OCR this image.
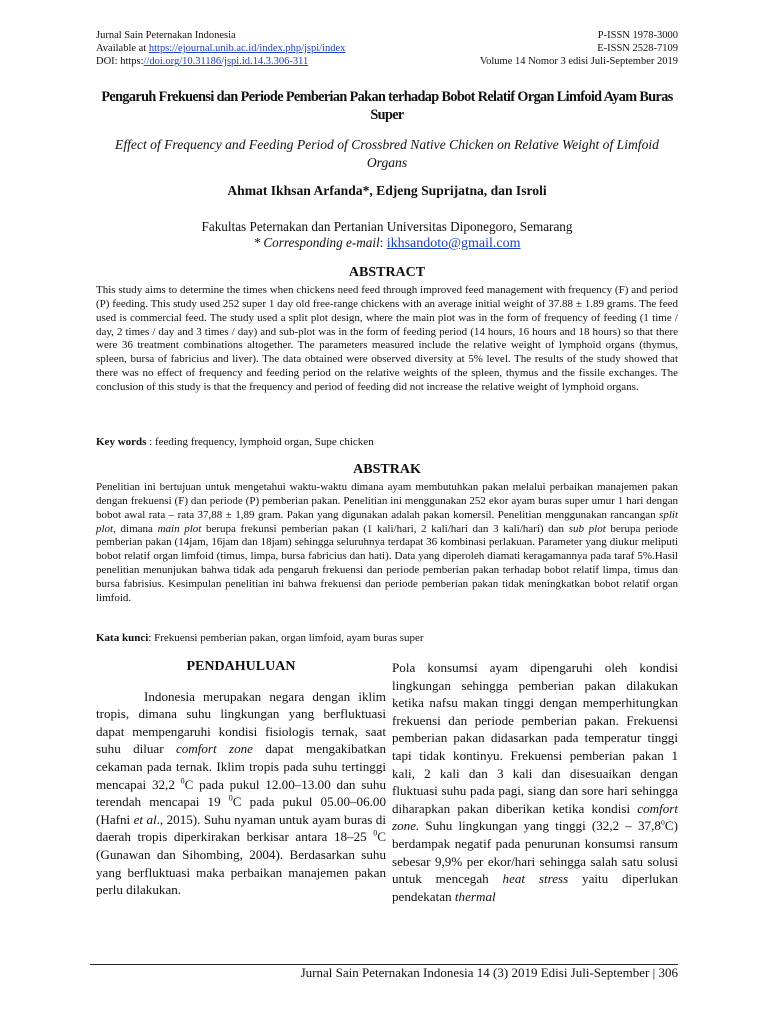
Jurnal Sain Peternakan Indonesia	P-ISSN 1978-3000
Available at https://ejournal.unib.ac.id/index.php/jspi/index	E-ISSN 2528-7109
DOI: https://doi.org/10.31186/jspi.id.14.3.306-311	Volume 14 Nomor 3 edisi Juli-September 2019
Pengaruh Frekuensi dan Periode Pemberian Pakan terhadap Bobot Relatif Organ Limfoid Ayam Buras Super
Effect of Frequency and Feeding Period of Crossbred Native Chicken on Relative Weight of Limfoid Organs
Ahmat Ikhsan Arfanda*, Edjeng Suprijatna, dan Isroli
Fakultas Peternakan dan Pertanian Universitas Diponegoro, Semarang
* Corresponding e-mail: ikhsandoto@gmail.com
ABSTRACT
This study aims to determine the times when chickens need feed through improved feed management with frequency (F) and period (P) feeding. This study used 252 super 1 day old free-range chickens with an average initial weight of 37.88 ± 1.89 grams. The feed used is commercial feed. The study used a split plot design, where the main plot was in the form of frequency of feeding (1 time / day, 2 times / day and 3 times / day) and sub-plot was in the form of feeding period (14 hours, 16 hours and 18 hours) so that there were 36 treatment combinations altogether. The parameters measured include the relative weight of lymphoid organs (thymus, spleen, bursa of fabricius and liver). The data obtained were observed diversity at 5% level. The results of the study showed that there was no effect of frequency and feeding period on the relative weights of the spleen, thymus and the fissile exchanges. The conclusion of this study is that the frequency and period of feeding did not increase the relative weight of lymphoid organs.
Key words : feeding frequency, lymphoid organ, Supe chicken
ABSTRAK
Penelitian ini bertujuan untuk mengetahui waktu-waktu dimana ayam membutuhkan pakan melalui perbaikan manajemen pakan dengan frekuensi (F) dan periode (P) pemberian pakan. Penelitian ini menggunakan 252 ekor ayam buras super umur 1 hari dengan bobot awal rata – rata 37,88 ± 1,89 gram. Pakan yang digunakan adalah pakan komersil. Penelitian menggunakan rancangan split plot, dimana main plot berupa frekunsi pemberian pakan (1 kali/hari, 2 kali/hari dan 3 kali/hari) dan sub plot berupa periode pemberian pakan (14jam, 16jam dan 18jam) sehingga seluruhnya terdapat 36 kombinasi perlakuan. Parameter yang diukur meliputi bobot relatif organ limfoid (timus, limpa, bursa fabricius dan hati). Data yang diperoleh diamati keragamannya pada taraf 5%.Hasil penelitian menunjukan bahwa tidak ada pengaruh frekuensi dan periode pemberian pakan terhadap bobot relatif limpa, timus dan bursa fabrisius. Kesimpulan penelitian ini bahwa frekuensi dan periode pemberian pakan tidak meningkatkan bobot relatif organ limfoid.
Kata kunci: Frekuensi pemberian pakan, organ limfoid, ayam buras super
PENDAHULUAN

Indonesia merupakan negara dengan iklim tropis, dimana suhu lingkungan yang berfluktuasi dapat mempengaruhi kondisi fisiologis ternak, saat suhu diluar comfort zone dapat mengakibatkan cekaman pada ternak. Iklim tropis pada suhu tertinggi mencapai 32,2 $^0$C pada pukul 12.00–13.00 dan suhu terendah mencapai 19 $^0$C pada pukul 05.00–06.00 (Hafni et al., 2015). Suhu nyaman untuk ayam buras di daerah tropis diperkirakan berkisar antara 18–25 $^0$C (Gunawan dan Sihombing, 2004). Berdasarkan suhu yang berfluktuasi maka perbaikan manajemen pakan perlu dilakukan.

Pola konsumsi ayam dipengaruhi oleh kondisi lingkungan sehingga pemberian pakan dilakukan ketika nafsu makan tinggi dengan memperhitungkan frekuensi dan periode pemberian pakan. Frekuensi pemberian pakan didasarkan pada temperatur tinggi tapi tidak kontinyu. Frekuensi pemberian pakan 1 kali, 2 kali dan 3 kali dan disesuaikan dengan fluktuasi suhu pada pagi, siang dan sore hari sehingga diharapkan pakan diberikan ketika kondisi comfort zone. Suhu lingkungan yang tinggi (32,2 – 37,8$^o$C) berdampak negatif pada penurunan konsumsi ransum sebesar 9,9% per ekor/hari sehingga salah satu solusi untuk mencegah heat stress yaitu diperlukan pendekatan thermal

Jurnal Sain Peternakan Indonesia 14 (3) 2019 Edisi Juli-September | 306
